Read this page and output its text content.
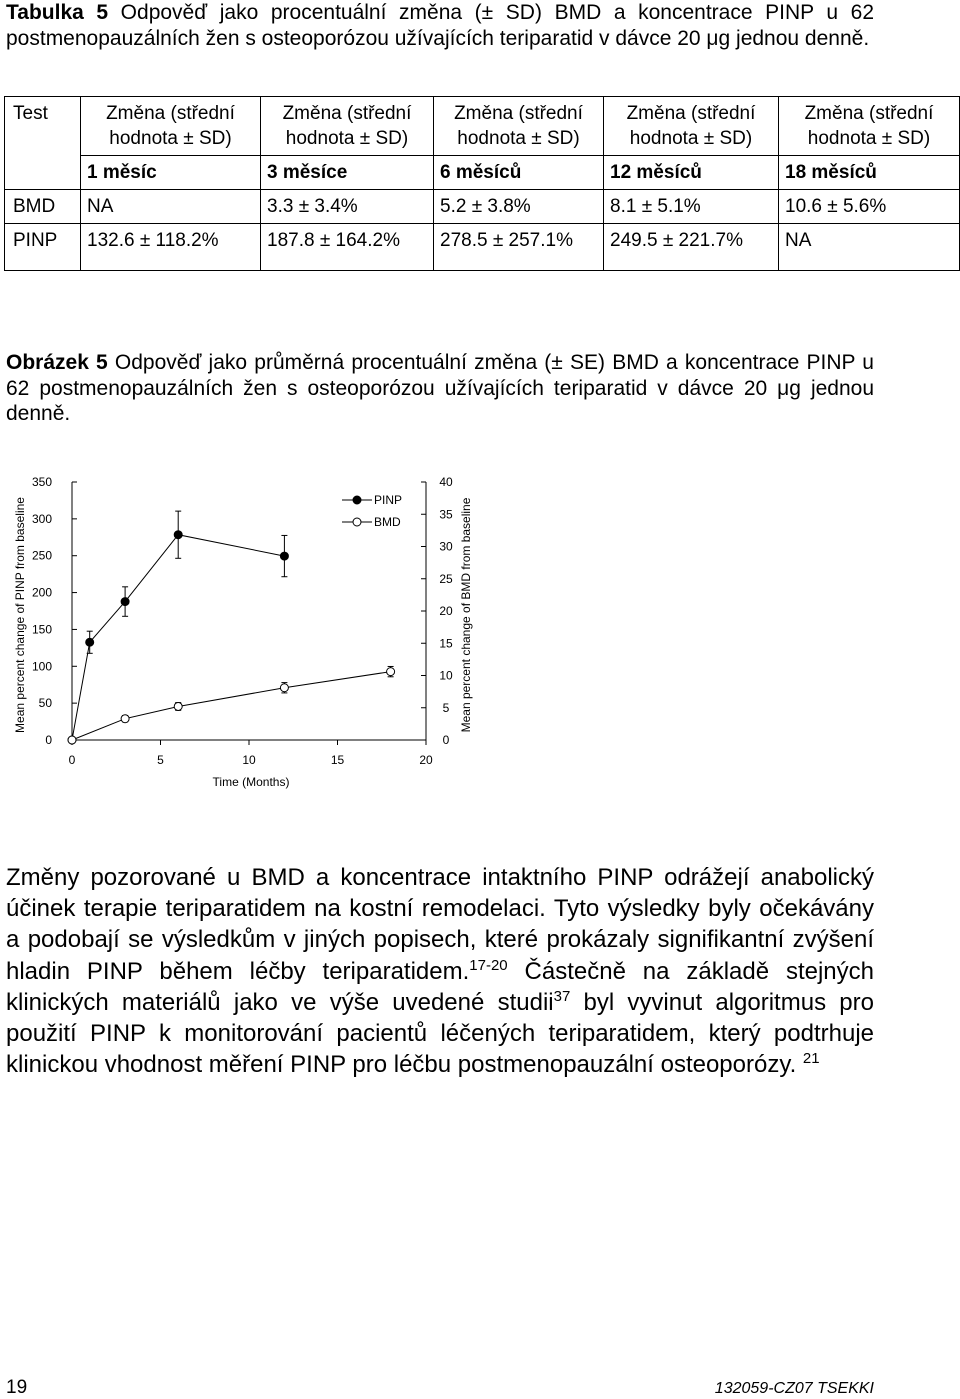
Tabulka 5 Odpověď jako procentuální změna (± SD) BMD a koncentrace PINP u 62 postmenopauzálních žen s osteoporózou užívajících teriparatid v dávce 20 μg jednou denně.

Test	Změna (střední hodnota ± SD)	Změna (střední hodnota ± SD)	Změna (střední hodnota ± SD)	Změna (střední hodnota ± SD)	Změna (střední hodnota ± SD)
	1 měsíc	3 měsíce	6 měsíců	12 měsíců	18 měsíců
BMD	NA	3.3 ± 3.4%	5.2 ± 3.8%	8.1 ± 5.1%	10.6 ± 5.6%
PINP	132.6 ± 118.2%	187.8 ± 164.2%	278.5 ± 257.1%	249.5 ± 221.7%	NA

Obrázek 5 Odpověď jako průměrná procentuální změna (± SE) BMD a koncentrace PINP u 62 postmenopauzálních žen s osteoporózou užívajících teriparatid v dávce 20 μg jednou denně.

0
50
100
150
200
250
300
350
0
5
10
15
20
25
30
35
40
0	5	10	15	20
PINP
BMD
Time (Months)
Mean percent change of PINP from baseline	Mean percent change of BMD from baseline

Změny pozorované u BMD a koncentrace intaktního PINP odrážejí anabolický účinek terapie teriparatidem na kostní remodelaci. Tyto výsledky byly očekávány a podobají se výsledkům v jiných popisech, které prokázaly signifikantní zvýšení hladin PINP během léčby teriparatidem.$^{17-20}$ Částečně na základě stejných klinických materiálů jako ve výše uvedené studii$^{37}$ byl vyvinut algoritmus pro použití PINP k monitorování pacientů léčených teriparatidem, který podtrhuje klinickou vhodnost měření PINP pro léčbu postmenopauzální osteoporózy. $^{21}$

19	132059-CZ07 TSEKKI
